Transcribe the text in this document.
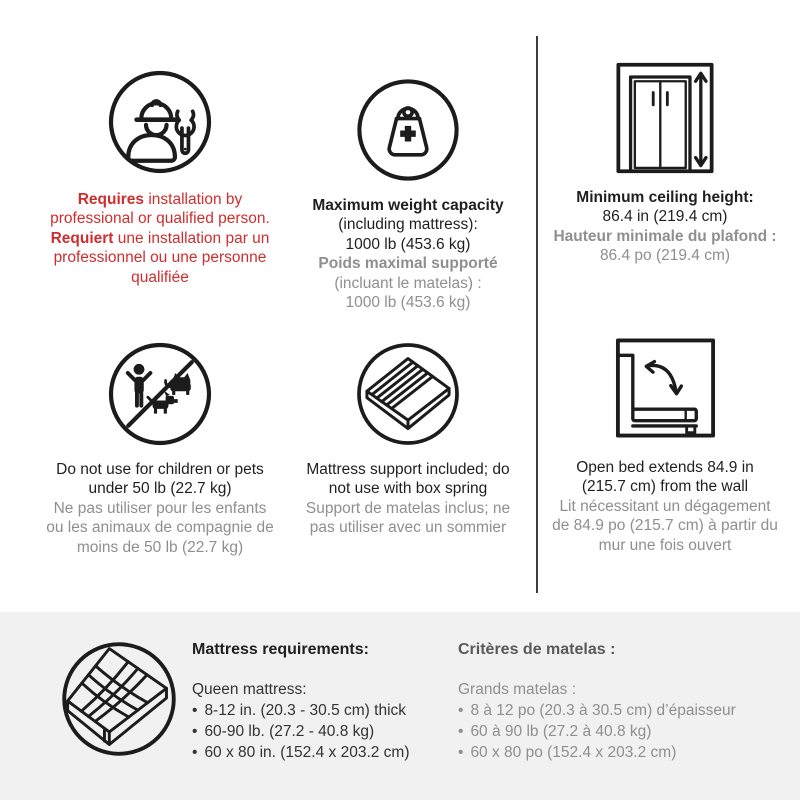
Requires installation by
professional or qualified person.
Requiert une installation par un
professionnel ou une personne
qualifiée
Maximum weight capacity
(including mattress):
1000 lb (453.6 kg)
Poids maximal supporté
(incluant le matelas) :
1000 lb (453.6 kg)
Minimum ceiling height:
86.4 in (219.4 cm)
Hauteur minimale du plafond :
86.4 po (219.4 cm)
Do not use for children or pets
under 50 lb (22.7 kg)
Ne pas utiliser pour les enfants
ou les animaux de compagnie de
moins de 50 lb (22.7 kg)
Mattress support included; do
not use with box spring
Support de matelas inclus; ne
pas utiliser avec un sommier
Open bed extends 84.9 in
(215.7 cm) from the wall
Lit nécessitant un dégagement
de 84.9 po (215.7 cm) à partir du
mur une fois ouvert
Mattress requirements:
Queen mattress:
• 8-12 in. (20.3 - 30.5 cm) thick
• 60-90 lb. (27.2 - 40.8 kg)
• 60 x 80 in. (152.4 x 203.2 cm)
Critères de matelas :
Grands matelas :
• 8 à 12 po (20.3 à 30.5 cm) d’épaisseur
• 60 à 90 lb (27.2 à 40.8 kg)
• 60 x 80 po (152.4 x 203.2 cm)
